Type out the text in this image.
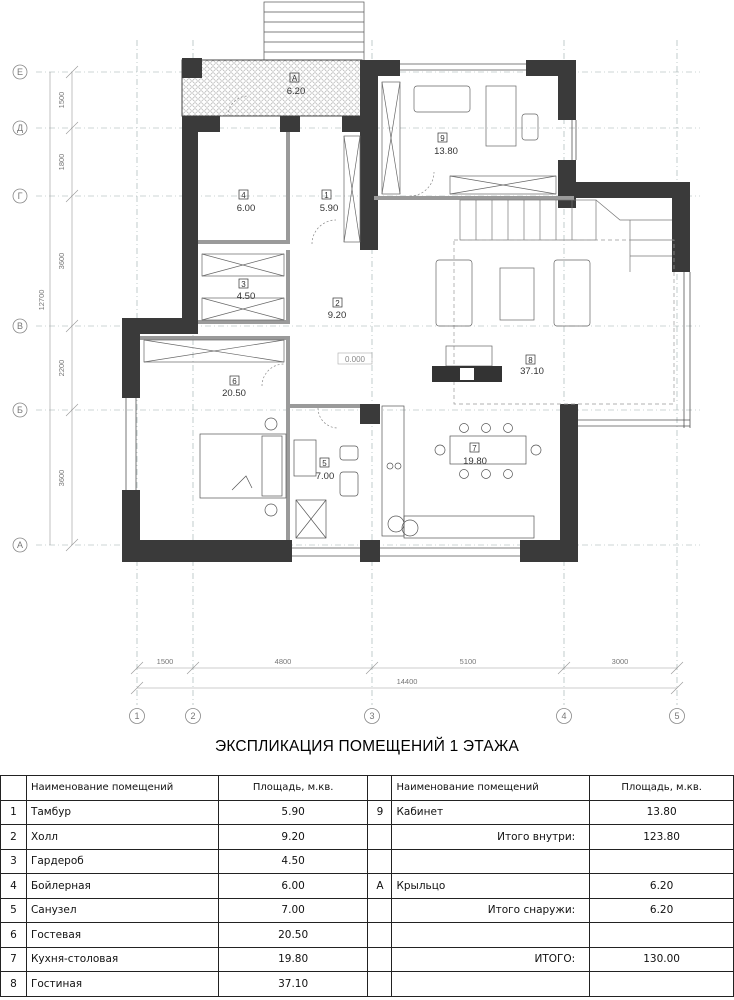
Е
Д
Г
В
Б
А
1500
1800
3600
2200
3600
12700
1500	4800	5100	3000
14400
1	2	3	4	5
А
6.20
9
13.80
4
6.00
1
5.90
3
4.50
2
9.20
8
37.10
6
20.50
5
7.00
7
19.80
0.000
ЭКСПЛИКАЦИЯ ПОМЕЩЕНИЙ 1 ЭТАЖА
	Наименование помещений	Площадь, м.кв.		Наименование помещений	Площадь, м.кв.
1	Тамбур	5.90	9	Кабинет	13.80
2	Холл	9.20		Итого внутри:	123.80
3	Гардероб	4.50			
4	Бойлерная	6.00	А	Крыльцо	6.20
5	Санузел	7.00		Итого снаружи:	6.20
6	Гостевая	20.50			
7	Кухня-столовая	19.80		ИТОГО:	130.00
8	Гостиная	37.10			
